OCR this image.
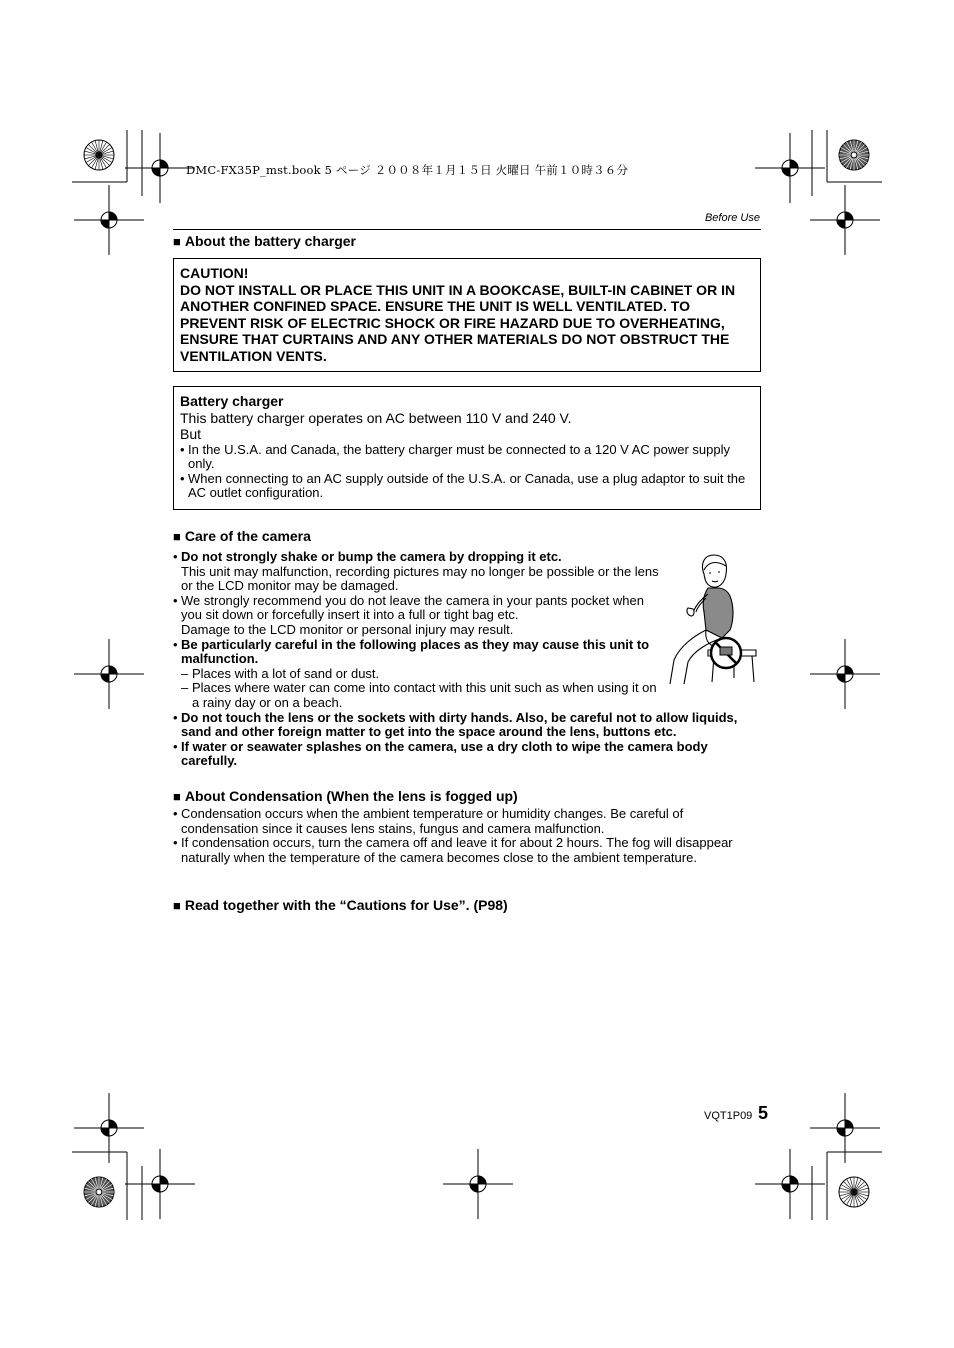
DMC-FX35P_mst.book 5 ページ ２００８年１月１５日 火曜日 午前１０時３６分
Before Use
■ About the battery charger
CAUTION!
DO NOT INSTALL OR PLACE THIS UNIT IN A BOOKCASE, BUILT-IN CABINET OR IN ANOTHER CONFINED SPACE. ENSURE THE UNIT IS WELL VENTILATED. TO PREVENT RISK OF ELECTRIC SHOCK OR FIRE HAZARD DUE TO OVERHEATING, ENSURE THAT CURTAINS AND ANY OTHER MATERIALS DO NOT OBSTRUCT THE VENTILATION VENTS.
Battery charger
This battery charger operates on AC between 110 V and 240 V.
But
• In the U.S.A. and Canada, the battery charger must be connected to a 120 V AC power supply only.
• When connecting to an AC supply outside of the U.S.A. or Canada, use a plug adaptor to suit the AC outlet configuration.
■ Care of the camera
• Do not strongly shake or bump the camera by dropping it etc.
This unit may malfunction, recording pictures may no longer be possible or the lens or the LCD monitor may be damaged.
• We strongly recommend you do not leave the camera in your pants pocket when you sit down or forcefully insert it into a full or tight bag etc.
Damage to the LCD monitor or personal injury may result.
• Be particularly careful in the following places as they may cause this unit to malfunction.
– Places with a lot of sand or dust.
– Places where water can come into contact with this unit such as when using it on a rainy day or on a beach.
• Do not touch the lens or the sockets with dirty hands. Also, be careful not to allow liquids, sand and other foreign matter to get into the space around the lens, buttons etc.
• If water or seawater splashes on the camera, use a dry cloth to wipe the camera body carefully.
■ About Condensation (When the lens is fogged up)
• Condensation occurs when the ambient temperature or humidity changes. Be careful of condensation since it causes lens stains, fungus and camera malfunction.
• If condensation occurs, turn the camera off and leave it for about 2 hours. The fog will disappear naturally when the temperature of the camera becomes close to the ambient temperature.
■ Read together with the “Cautions for Use”. (P98)
VQT1P09 5
